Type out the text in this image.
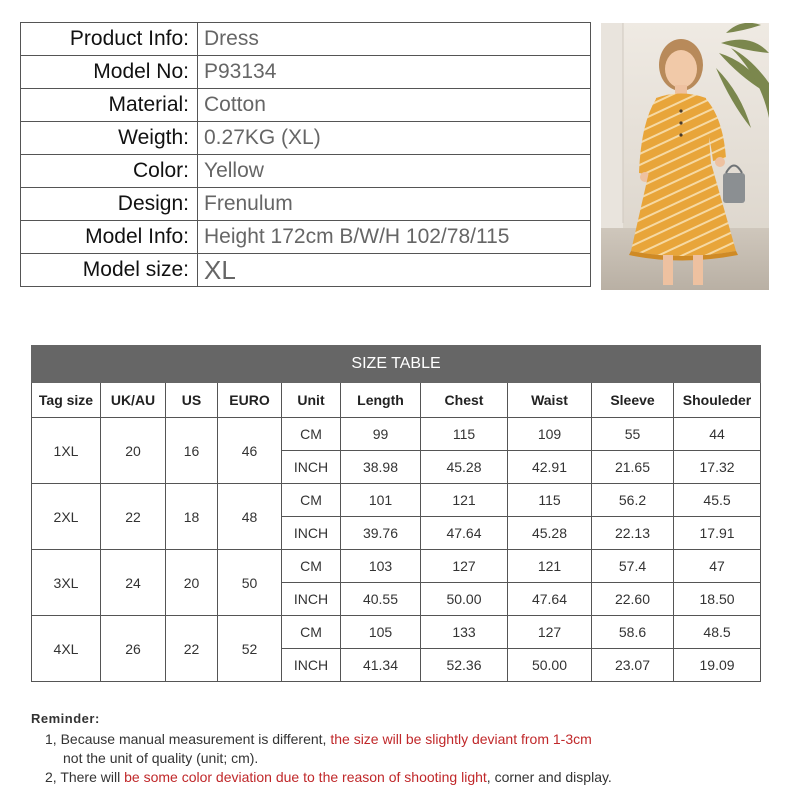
Product Info:	Dress
Model No:	P93134
Material:	Cotton
Weigth:	0.27KG (XL)
Color:	Yellow
Design:	Frenulum
Model Info:	Height 172cm B/W/H 102/78/115
Model size:	XL
SIZE TABLE									
Tag size	UK/AU	US	EURO	Unit	Length	Chest	Waist	Sleeve	Shouleder
1XL	20	16	46	CM	99	115	109	55	44
				INCH	38.98	45.28	42.91	21.65	17.32
2XL	22	18	48	CM	101	121	115	56.2	45.5
				INCH	39.76	47.64	45.28	22.13	17.91
3XL	24	20	50	CM	103	127	121	57.4	47
				INCH	40.55	50.00	47.64	22.60	18.50
4XL	26	22	52	CM	105	133	127	58.6	48.5
				INCH	41.34	52.36	50.00	23.07	19.09
Reminder:
1, Because manual measurement is different, the size will be slightly deviant from 1-3cm
not the unit of quality (unit; cm).
2, There will be some color deviation due to the reason of shooting light, corner and display.
